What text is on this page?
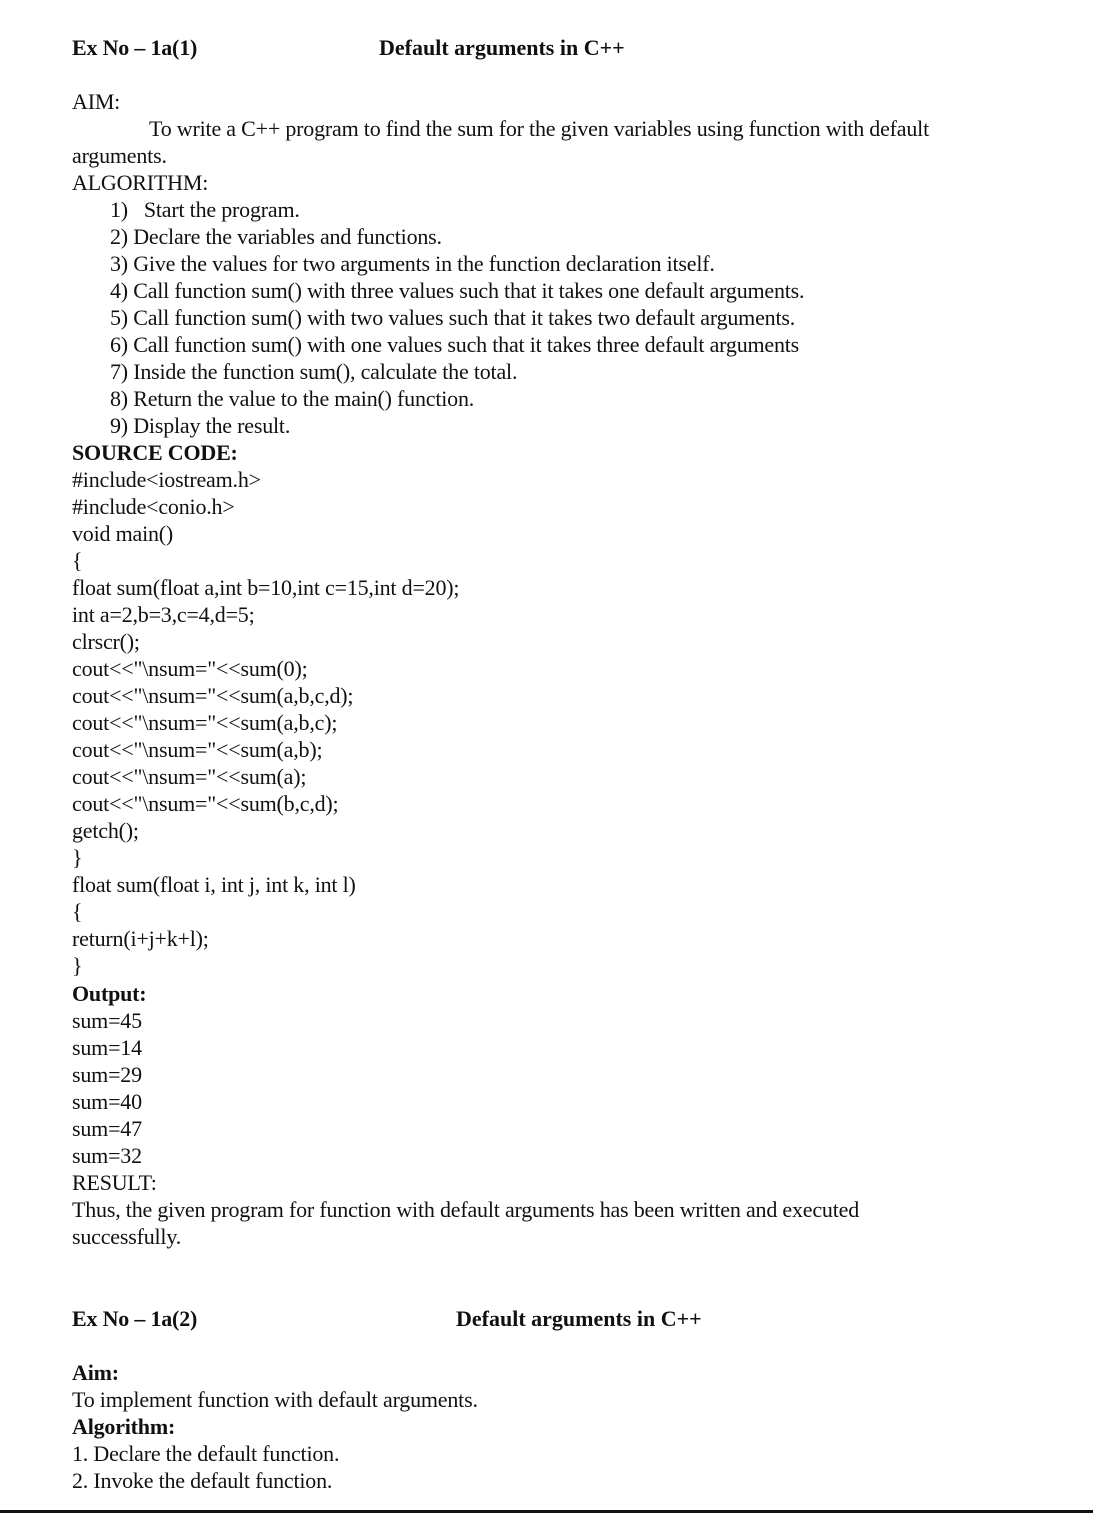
Ex No – 1a(1)	Default arguments in C++
AIM:
To write a C++ program to find the sum for the given variables using function with default
arguments.
ALGORITHM:
1)   Start the program.
2) Declare the variables and functions.
3) Give the values for two arguments in the function declaration itself.
4) Call function sum() with three values such that it takes one default arguments.
5) Call function sum() with two values such that it takes two default arguments.
6) Call function sum() with one values such that it takes three default arguments
7) Inside the function sum(), calculate the total.
8) Return the value to the main() function.
9) Display the result.
SOURCE CODE:
#include<iostream.h>
#include<conio.h>
void main()
{
float sum(float a,int b=10,int c=15,int d=20);
int a=2,b=3,c=4,d=5;
clrscr();
cout<<"\nsum="<<sum(0);
cout<<"\nsum="<<sum(a,b,c,d);
cout<<"\nsum="<<sum(a,b,c);
cout<<"\nsum="<<sum(a,b);
cout<<"\nsum="<<sum(a);
cout<<"\nsum="<<sum(b,c,d);
getch();
}
float sum(float i, int j, int k, int l)
{
return(i+j+k+l);
}
Output:
sum=45
sum=14
sum=29
sum=40
sum=47
sum=32
RESULT:
Thus, the given program for function with default arguments has been written and executed
successfully.
Ex No – 1a(2)	Default arguments in C++
Aim:
To implement function with default arguments.
Algorithm:
1. Declare the default function.
2. Invoke the default function.
